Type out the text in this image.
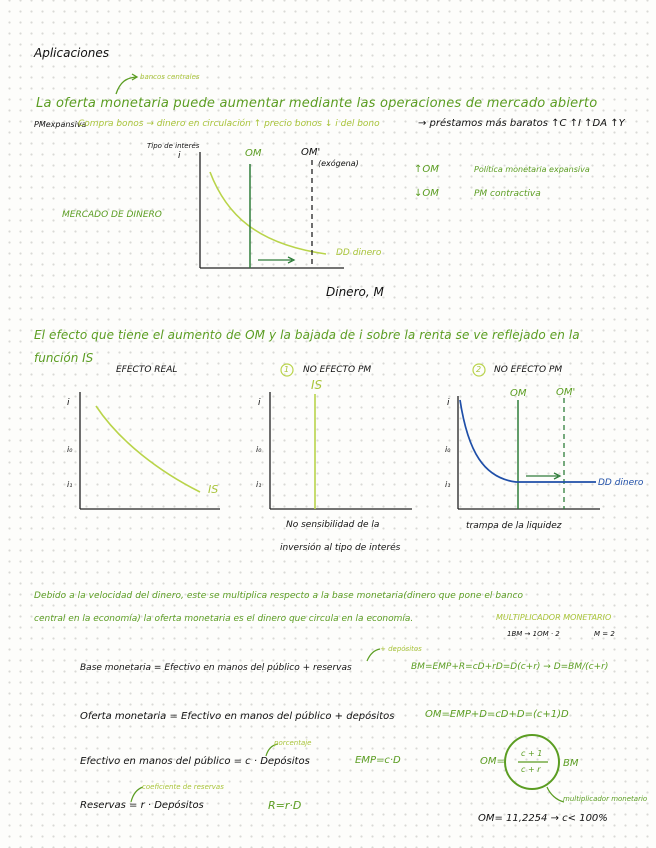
Aplicaciones
bancos centrales
La oferta monetaria puede aumentar mediante las operaciones de mercado abierto
PMexpansiva
Compra bonos → dinero en circulación ↑ precio bonos ↓ i del bono	→ préstamos más baratos ↑C ↑I ↑DA ↑Y
Tipo de interés
i	OM	OM'
(exógena)
DD dinero
Dinero, M
MERCADO DE DINERO
↑OM	Política monetaria expansiva
↓OM	PM contractiva
El efecto que tiene el aumento de OM y la bajada de i sobre la renta se ve reflejado en la
función IS
EFECTO REAL
i
i₀
i₁	IS
1 NO EFECTO PM
IS
i
i₀
i₁
No sensibilidad de la
inversión al tipo de interés
2 NO EFECTO PM
OM	OM'
i
i₀
i₁	DD dinero
trampa de la liquidez
Debido a la velocidad del dinero, este se multiplica respecto a la base monetaria(dinero que pone el banco
central en la economía) la oferta monetaria es el dinero que circula en la economía.	MULTIPLICADOR MONETARIO
1BM → 1OM · 2	M = 2
+ depósitos
Base monetaria = Efectivo en manos del público + reservas	BM=EMP+R=cD+rD=D(c+r) → D=BM/(c+r)
Oferta monetaria = Efectivo en manos del público + depósitos	OM=EMP+D=cD+D=(c+1)D
porcentaje
Efectivo en manos del público = c · Depósitos	EMP=c·D	OM=
c + 1
c + r
BM
multiplicador monetario
coeficiente de reservas
Reservas = r · Depósitos	R=r·D
OM= 11,2254 → c< 100%
